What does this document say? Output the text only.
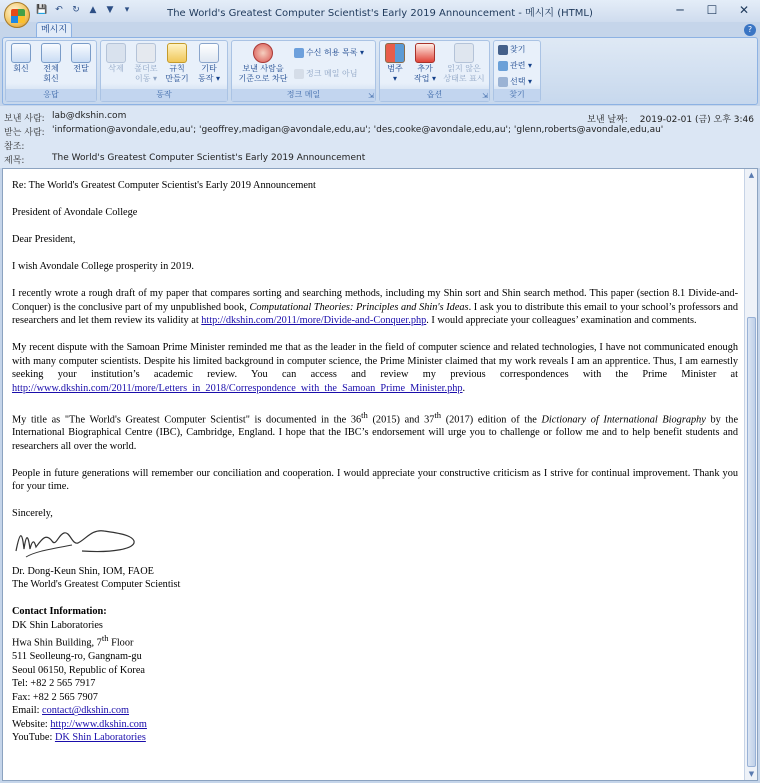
💾 ↶ ↻ ▲ ▼	▾	The World's Greatest Computer Scientist's Early 2019 Announcement - 메시지 (HTML)	─	☐	✕
메시지	?
회신	전체
회신
전달
응답
삭제	폴더로
이동 ▾
규칙
만들기
기타
동작 ▾
동작
보낸 사람을
기준으로 차단
수신 허용 목록 ▾
정크 메일 아님
정크 메일	⇲
범주
▾
추가
작업 ▾
읽지 않은
상태로 표시
옵션	⇲
찾기
관련 ▾
선택 ▾
찾기
보낸 사람: lab@dkshin.com	보낸 날짜: 2019-02-01 (금) 오후 3:46
받는 사람: 'information@avondale,edu,au'; 'geoffrey,madigan@avondale,edu,au'; 'des,cooke@avondale,edu,au'; 'glenn,roberts@avondale,edu,au'
참조:
제목:	The World's Greatest Computer Scientist's Early 2019 Announcement

Re: The World's Greatest Computer Scientist's Early 2019 Announcement

President of Avondale College

Dear President,

I wish Avondale College prosperity in 2019.

I recently wrote a rough draft of my paper that compares sorting and searching methods, including my Shin sort and Shin search method. This paper (section 8.1 Divide-and-Conquer) is the conclusive part of my unpublished book, Computational Theories: Principles and Shin's Ideas. I ask you to distribute this email to your school’s professors and researchers and let them review its validity at http://dkshin.com/2011/more/Divide-and-Conquer.php. I would appreciate your colleagues’ examination and comments.

My recent dispute with the Samoan Prime Minister reminded me that as the leader in the field of computer science and related technologies, I have not communicated enough with many computer scientists. Despite his limited background in computer science, the Prime Minister claimed that my work reveals I am an apprentice. Thus, I am earnestly seeking your institution’s academic review. You can access and review my previous correspondences with the Prime Minister at http://www.dkshin.com/2011/more/Letters_in_2018/Correspondence_with_the_Samoan_Prime_Minister.php.

My title as "The World's Greatest Computer Scientist" is documented in the 36th (2015) and 37th (2017) edition of the Dictionary of International Biography by the International Biographical Centre (IBC), Cambridge, England. I hope that the IBC’s endorsement will urge you to challenge or follow me and to help benefit students and researchers all over the world.

People in future generations will remember our conciliation and cooperation. I would appreciate your constructive criticism as I strive for continual improvement. Thank you for your time.

Sincerely,
Dr. Dong-Keun Shin, IOM, FAOE
The World's Greatest Computer Scientist
Contact Information:
DK Shin Laboratories
Hwa Shin Building, 7th Floor
511 Seolleung-ro, Gangnam-gu
Seoul 06150, Republic of Korea
Tel: +82 2 565 7917
Fax: +82 2 565 7907
Email: contact@dkshin.com
Website: http://www.dkshin.com
YouTube: DK Shin Laboratories
▲
▼
